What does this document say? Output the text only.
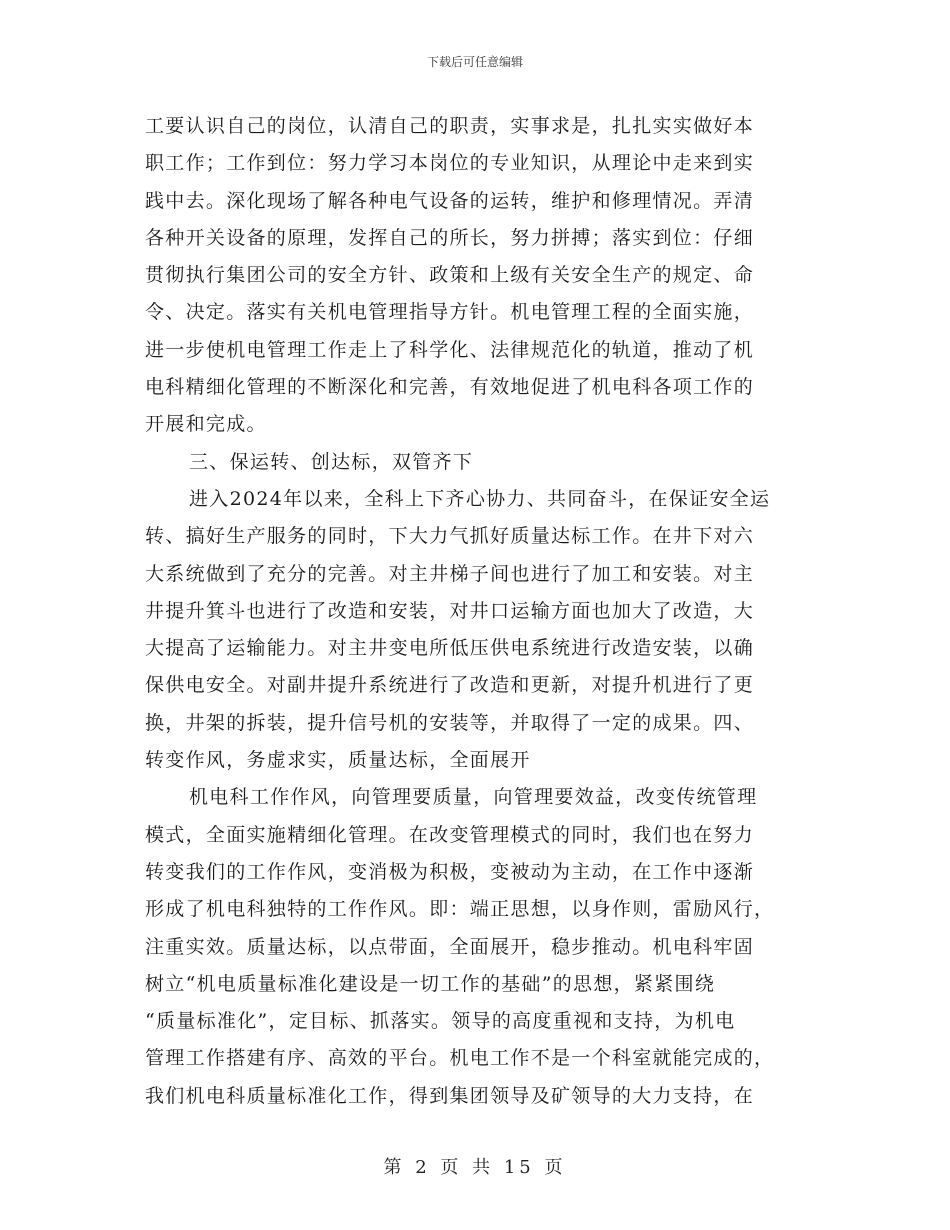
下载后可任意编辑
工要认识自己的岗位，认清自己的职责，实事求是，扎扎实实做好本
职工作；工作到位：努力学习本岗位的专业知识，从理论中走来到实
践中去。深化现场了解各种电气设备的运转，维护和修理情况。弄清
各种开关设备的原理，发挥自己的所长，努力拼搏；落实到位：仔细
贯彻执行集团公司的安全方针、政策和上级有关安全生产的规定、命
令、决定。落实有关机电管理指导方针。机电管理工程的全面实施，
进一步使机电管理工作走上了科学化、法律规范化的轨道，推动了机
电科精细化管理的不断深化和完善，有效地促进了机电科各项工作的
开展和完成。
三、保运转、创达标，双管齐下
进入2024年以来，全科上下齐心协力、共同奋斗，在保证安全运
转、搞好生产服务的同时，下大力气抓好质量达标工作。在井下对六
大系统做到了充分的完善。对主井梯子间也进行了加工和安装。对主
井提升箕斗也进行了改造和安装，对井口运输方面也加大了改造，大
大提高了运输能力。对主井变电所低压供电系统进行改造安装，以确
保供电安全。对副井提升系统进行了改造和更新，对提升机进行了更
换，井架的拆装，提升信号机的安装等，并取得了一定的成果。四、
转变作风，务虚求实，质量达标，全面展开
机电科工作作风，向管理要质量，向管理要效益，改变传统管理
模式，全面实施精细化管理。在改变管理模式的同时，我们也在努力
转变我们的工作作风，变消极为积极，变被动为主动，在工作中逐渐
形成了机电科独特的工作作风。即：端正思想，以身作则，雷励风行，
注重实效。质量达标，以点带面，全面展开，稳步推动。机电科牢固
树立“机电质量标准化建设是一切工作的基础”的思想，紧紧围绕
“质量标准化”，定目标、抓落实。领导的高度重视和支持，为机电
管理工作搭建有序、高效的平台。机电工作不是一个科室就能完成的，
我们机电科质量标准化工作，得到集团领导及矿领导的大力支持，在
第 2 页 共 15 页
